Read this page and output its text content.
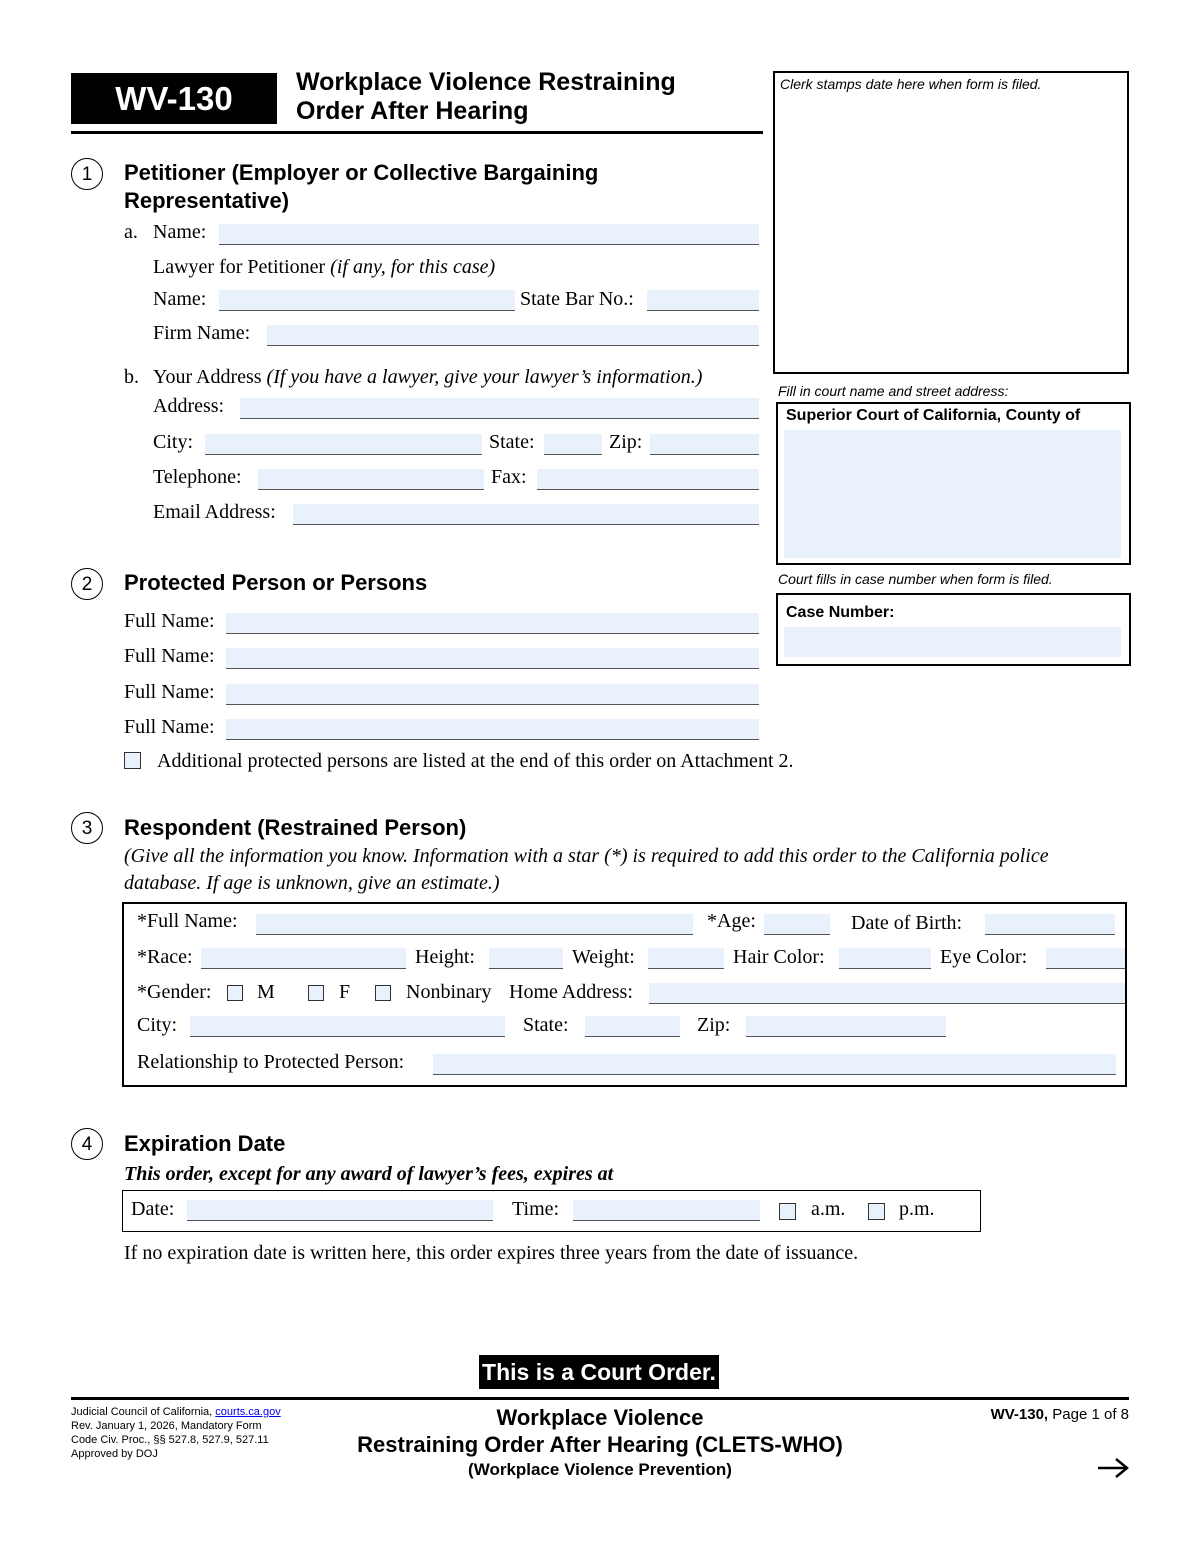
WV-130	Workplace Violence Restraining
Order After Hearing
Clerk stamps date here when form is filed.
Fill in court name and street address:
Superior Court of California, County of
Court fills in case number when form is filed.
Case Number:
1	Petitioner (Employer or Collective Bargaining
Representative)
a. Name:
Lawyer for Petitioner (if any, for this case)
Name:	State Bar No.:
Firm Name:
b. Your Address (If you have a lawyer, give your lawyer’s information.)
Address:
City:	State:	Zip:
Telephone:	Fax:
Email Address:
2	Protected Person or Persons
Full Name:
Full Name:
Full Name:
Full Name:
Additional protected persons are listed at the end of this order on Attachment 2.
3	Respondent (Restrained Person)
(Give all the information you know. Information with a star (*) is required to add this order to the California police
database. If age is unknown, give an estimate.)
*Full Name:	*Age:	Date of Birth:
*Race:	Height:	Weight:	Hair Color:	Eye Color:
*Gender: M	F	Nonbinary Home Address:
City:	State:	Zip:
Relationship to Protected Person:
4	Expiration Date
This order, except for any award of lawyer’s fees, expires at
Date:	Time:	a.m.	p.m.
If no expiration date is written here, this order expires three years from the date of issuance.
This is a Court Order.
Judicial Council of California, courts.ca.gov
Rev. January 1, 2026, Mandatory Form
Code Civ. Proc., §§ 527.8, 527.9, 527.11
Approved by DOJ
Workplace Violence
Restraining Order After Hearing (CLETS-WHO)
(Workplace Violence Prevention)
WV-130, Page 1 of 8
